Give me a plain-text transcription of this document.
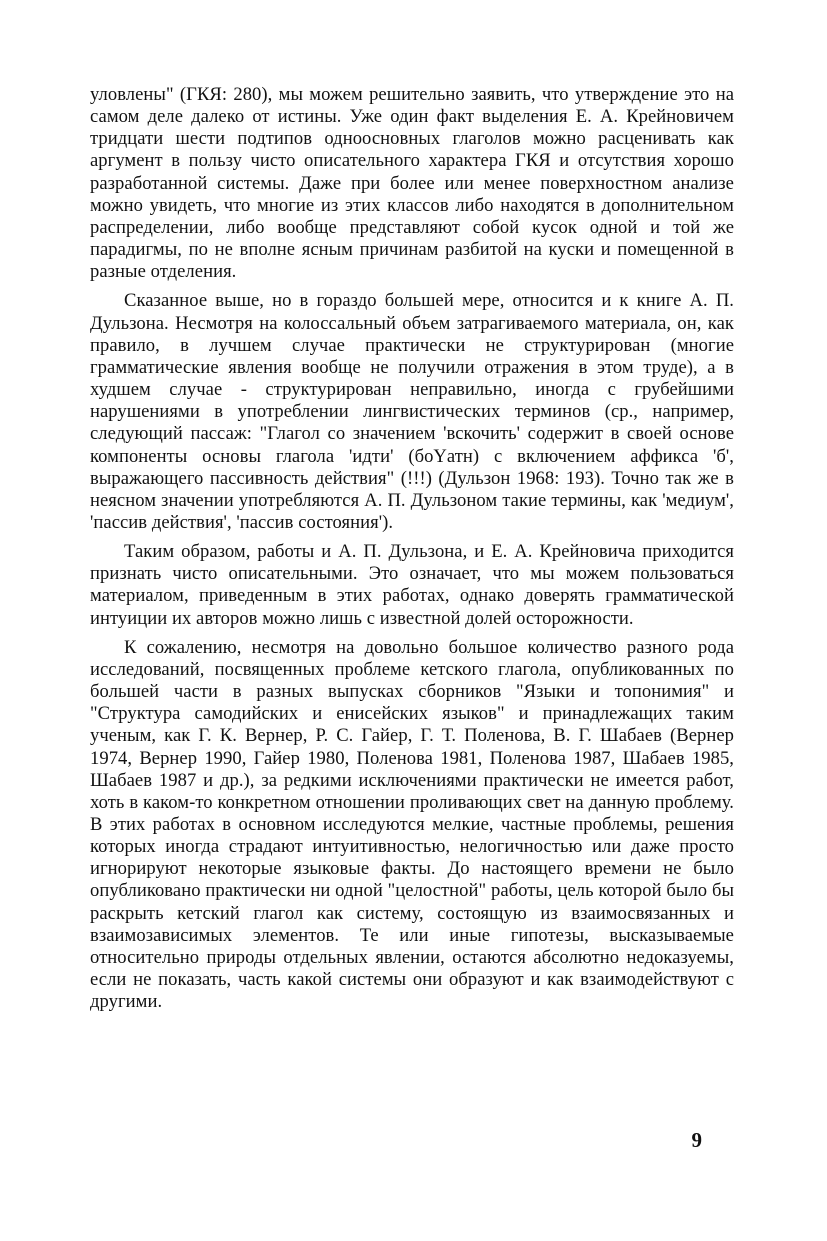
уловлены" (ГКЯ: 280), мы можем решительно заявить, что утверждение это на самом деле далеко от истины. Уже один факт выделения Е. А. Крейновичем тридцати шести подтипов одноосновных глаголов можно расценивать как аргумент в пользу чисто описательного характера ГКЯ и отсутствия хорошо разработанной системы. Даже при более или менее поверхностном анализе можно увидеть, что многие из этих классов либо находятся в дополнительном распределении, либо вообще представляют собой кусок одной и той же парадигмы, по не вполне ясным причинам разбитой на куски и помещенной в разные отделения.

Сказанное выше, но в гораздо большей мере, относится и к книге А. П. Дульзона. Несмотря на колоссальный объем затрагиваемого материала, он, как правило, в лучшем случае практически не структурирован (многие грамматические явления вообще не получили отражения в этом труде), а в худшем случае - структурирован неправильно, иногда с грубейшими нарушениями в употреблении лингвистических терминов (ср., например, следующий пассаж: "Глагол со значением 'вскочить' содержит в своей основе компоненты основы глагола 'идти' (бoYатн) с включением аффикса 'б', выражающего пассивность действия" (!!!) (Дульзон 1968: 193). Точно так же в неясном значении употребляются А. П. Дульзоном такие термины, как 'медиум', 'пассив действия', 'пассив состояния').

Таким образом, работы и А. П. Дульзона, и Е. А. Крейновича приходится признать чисто описательными. Это означает, что мы можем пользоваться материалом, приведенным в этих работах, однако доверять грамматической интуиции их авторов можно лишь с известной долей осторожности.

К сожалению, несмотря на довольно большое количество разного рода исследований, посвященных проблеме кетского глагола, опубликованных по большей части в разных выпусках сборников "Языки и топонимия" и "Структура самодийских и енисейских языков" и принадлежащих таким ученым, как Г. К. Вернер, Р. С. Гайер, Г. Т. Поленова, В. Г. Шабаев (Вернер 1974, Вернер 1990, Гайер 1980, Поленова 1981, Поленова 1987, Шабаев 1985, Шабаев 1987 и др.), за редкими исключениями практически не имеется работ, хоть в каком-то конкретном отношении проливающих свет на данную проблему. В этих работах в основном исследуются мелкие, частные проблемы, решения которых иногда страдают интуитивностью, нелогичностью или даже просто игнорируют некоторые языковые факты. До настоящего времени не было опубликовано практически ни одной "целостной" работы, цель которой было бы раскрыть кетский глагол как систему, состоящую из взаимосвязанных и взаимозависимых элементов. Те или иные гипотезы, высказываемые относительно природы отдельных явлении, остаются абсолютно недоказуемы, если не показать, часть какой системы они образуют и как взаимодействуют с другими.

9
